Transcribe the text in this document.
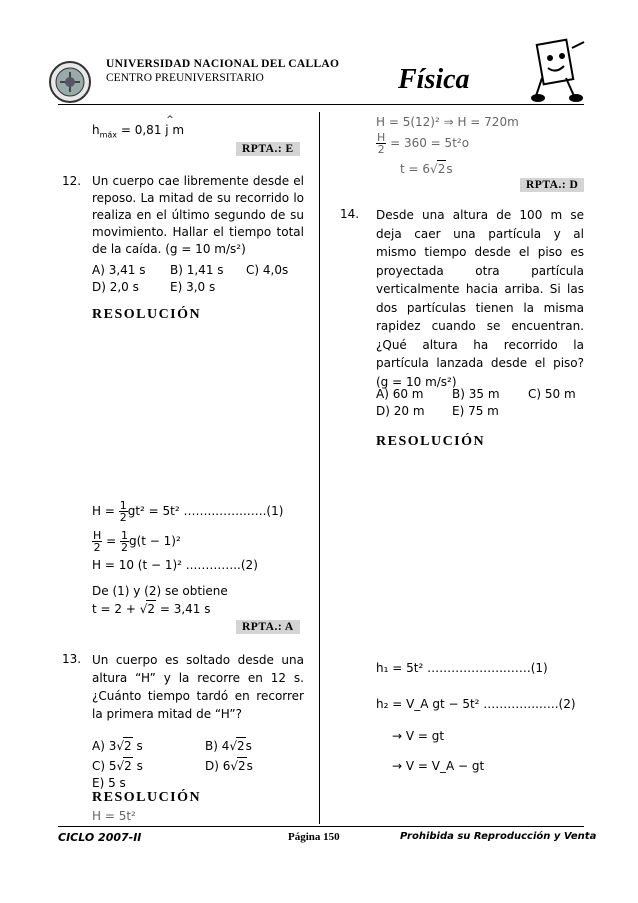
UNIVERSIDAD NACIONAL DEL CALLAO
CENTRO PREUNIVERSITARIO	Física
$h_{máx} = 0,81$
^
j m
RPTA.: E
12. Un cuerpo cae libremente desde el reposo. La mitad de su recorrido lo realiza en el último segundo de su movimiento. Hallar el tiempo total de la caída. (g = 10 m/s²)
A) 3,41 s B) 1,41 s C) 4,0s
D) 2,0 s	E) 3,0 s
RESOLUCIÓN
$H = \frac{1}{2} gt^2 = 5t^2$ ……..……..…..(1)
$\frac{H}{2} = \frac{1}{2} g(t - 1)^2$
H = 10 (t − 1)² ..…….…..(2)
De (1) y (2) se obtiene
t = 2 + √2 = 3,41 s
RPTA.: A
13. Un cuerpo es soltado desde una altura “H” y la recorre en 12 s. ¿Cuánto tiempo tardó en recorrer la primera mitad de “H”?
A) 3√2 s	B) 4√2s
C) 5√2 s	D) 6√2s
E) 5 s
RESOLUCIÓN
H = 5t²
H = 5(12)² ⇒ H = 720m
$\frac{H}{2} = 360 = 5t^2o$
t = 6√2s
RPTA.: D
14. Desde una altura de 100 m se deja caer una partícula y al mismo tiempo desde el piso es proyectada otra partícula verticalmente hacia arriba. Si las dos partículas tienen la misma rapidez cuando se encuentran. ¿Qué altura ha recorrido la partícula lanzada desde el piso? (g = 10 m/s²)
A) 60 m B) 35 m C) 50 m
D) 20 m E) 75 m
RESOLUCIÓN
h₁ = 5t² ……………….…….(1)
h₂ = V_A gt − 5t² …………..…..(2)
→ V = gt
→ V = V_A − gt
CICLO 2007-II	Página 150	Prohibida su Reproducción y Venta
